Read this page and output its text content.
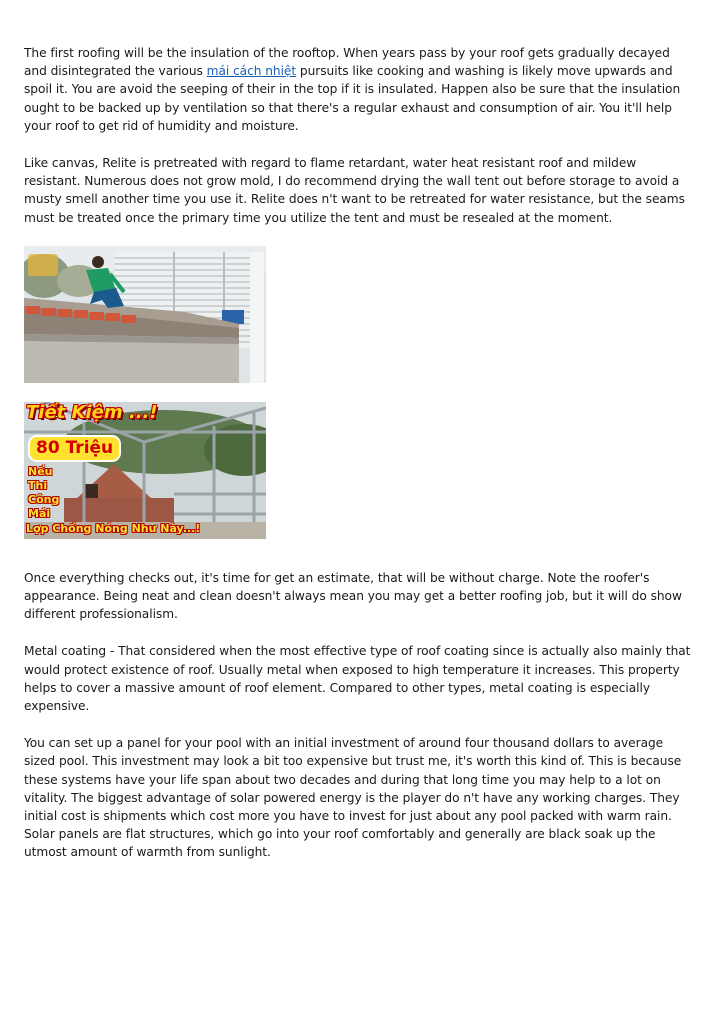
The first roofing will be the insulation of the rooftop. When years pass by your roof gets gradually decayed and disintegrated the various mái cách nhiệt pursuits like cooking and washing is likely move upwards and spoil it. You are avoid the seeping of their in the top if it is insulated. Happen also be sure that the insulation ought to be backed up by ventilation so that there's a regular exhaust and consumption of air. You it'll help your roof to get rid of humidity and moisture.

Like canvas, Relite is pretreated with regard to flame retardant, water heat resistant roof and mildew resistant. Numerous does not grow mold, I do recommend drying the wall tent out before storage to avoid a musty smell another time you use it. Relite does n't want to be retreated for water resistance, but the seams must be treated once the primary time you utilize the tent and must be resealed at the moment.

Tiết Kiệm ...!
80 Triệu
Nếu
Thi
Công
Mái
Lợp Chống Nóng Như Này...!

Once everything checks out, it's time for get an estimate, that will be without charge. Note the roofer's appearance. Being neat and clean doesn't always mean you may get a better roofing job, but it will do show different professionalism.

Metal coating - That considered when the most effective type of roof coating since is actually also mainly that would protect existence of roof. Usually metal when exposed to high temperature it increases. This property helps to cover a massive amount of roof element. Compared to other types, metal coating is especially expensive.

You can set up a panel for your pool with an initial investment of around four thousand dollars to average sized pool. This investment may look a bit too expensive but trust me, it's worth this kind of. This is because these systems have your life span about two decades and during that long time you may help to a lot on vitality. The biggest advantage of solar powered energy is the player do n't have any working charges. They initial cost is shipments which cost more you have to invest for just about any pool packed with warm rain. Solar panels are flat structures, which go into your roof comfortably and generally are black soak up the utmost amount of warmth from sunlight.
